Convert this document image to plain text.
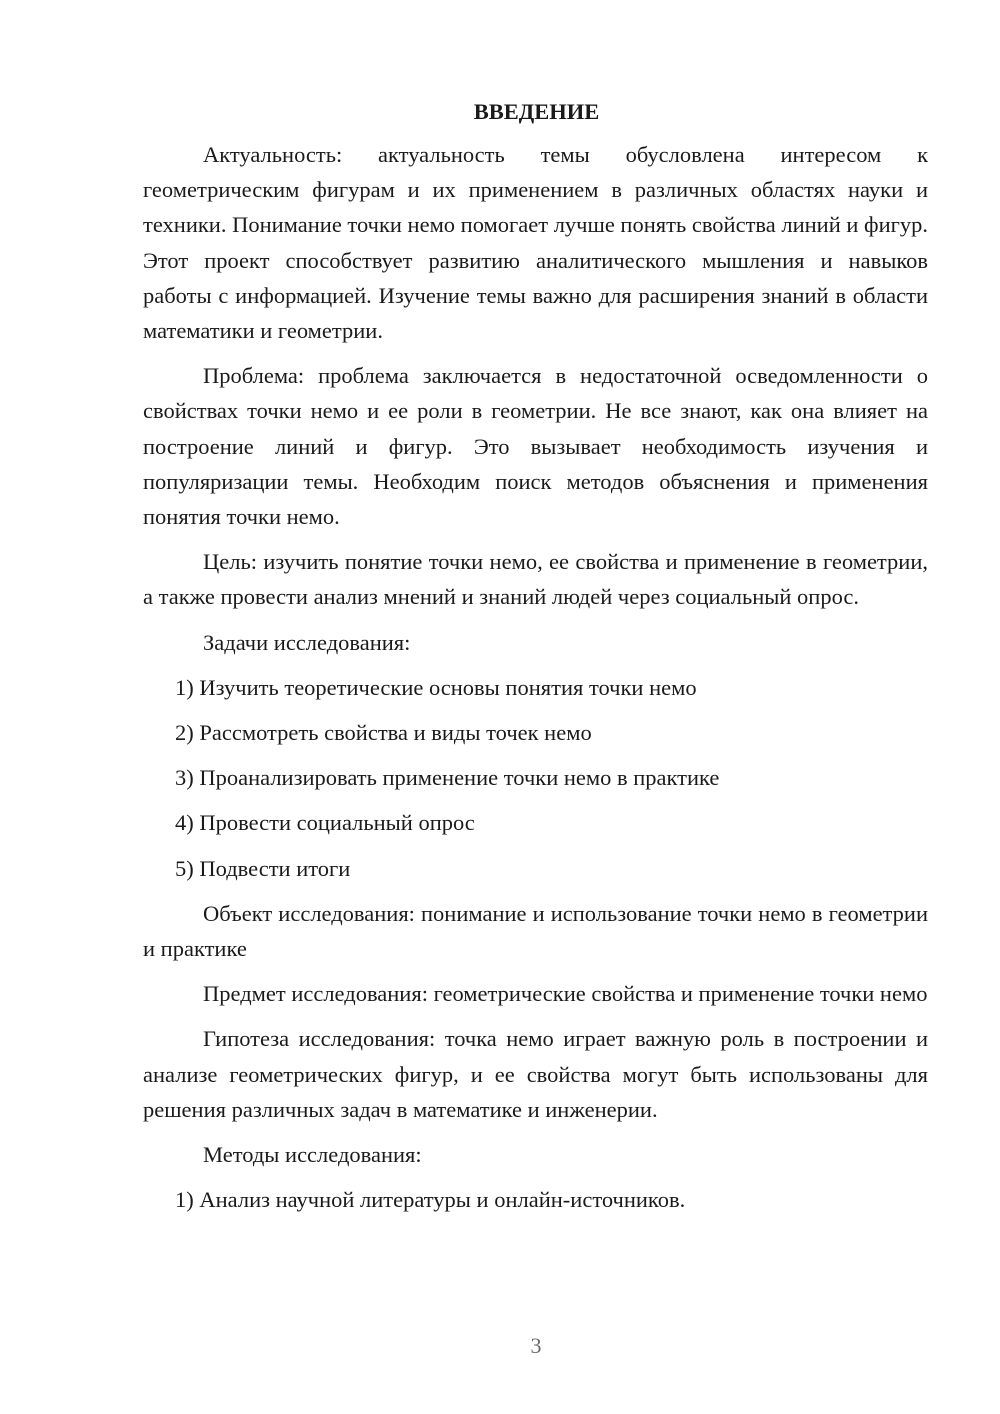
ВВЕДЕНИЕ

Актуальность: актуальность темы обусловлена интересом к геометрическим фигурам и их применением в различных областях науки и техники. Понимание точки немо помогает лучше понять свойства линий и фигур. Этот проект способствует развитию аналитического мышления и навыков работы с информацией. Изучение темы важно для расширения знаний в области математики и геометрии.

Проблема: проблема заключается в недостаточной осведомленности о свойствах точки немо и ее роли в геометрии. Не все знают, как она влияет на построение линий и фигур. Это вызывает необходимость изучения и популяризации темы. Необходим поиск методов объяснения и применения понятия точки немо.

Цель: изучить понятие точки немо, ее свойства и применение в геометрии, а также провести анализ мнений и знаний людей через социальный опрос.

Задачи исследования:

1) Изучить теоретические основы понятия точки немо
2) Рассмотреть свойства и виды точек немо
3) Проанализировать применение точки немо в практике
4) Провести социальный опрос
5) Подвести итоги

Объект исследования: понимание и использование точки немо в геометрии и практике

Предмет исследования: геометрические свойства и применение точки немо

Гипотеза исследования: точка немо играет важную роль в построении и анализе геометрических фигур, и ее свойства могут быть использованы для решения различных задач в математике и инженерии.

Методы исследования:

1) Анализ научной литературы и онлайн-источников.
3
